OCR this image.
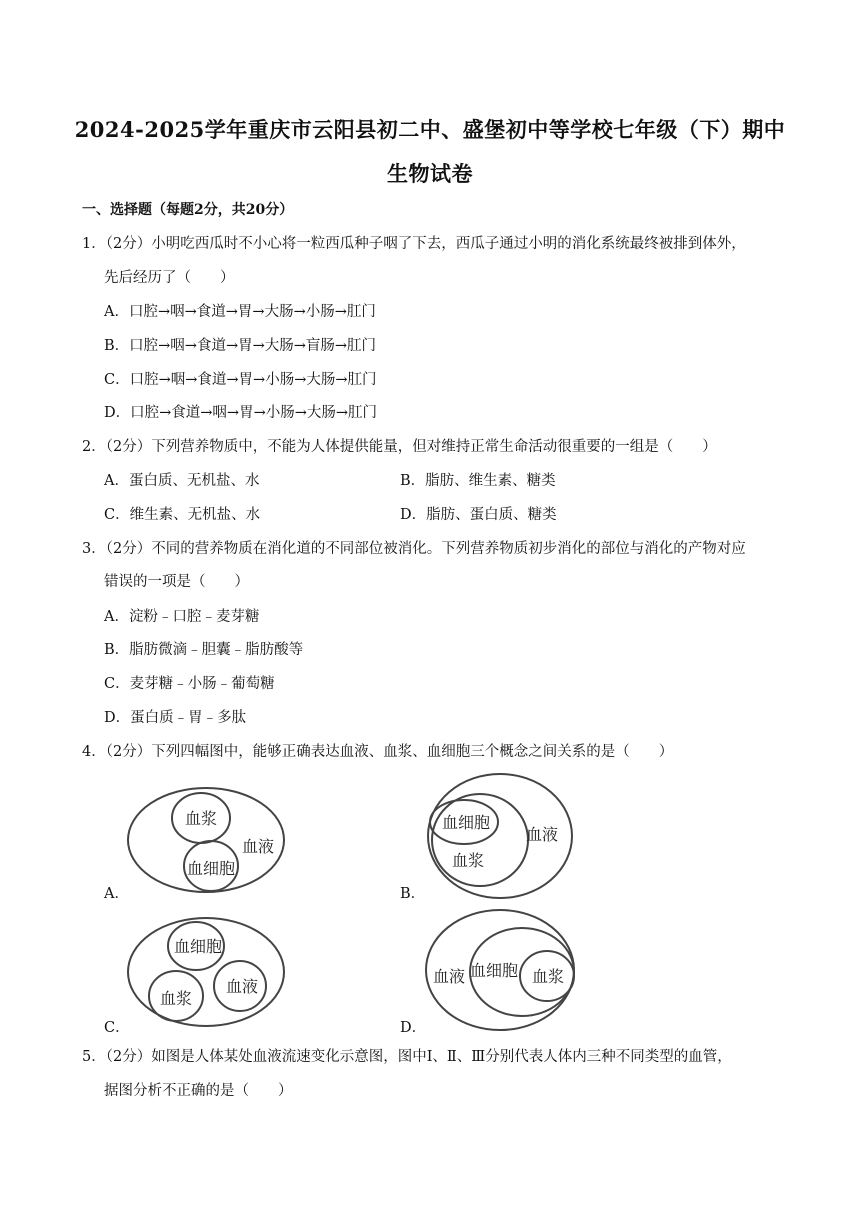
2024-2025学年重庆市云阳县初二中、盛堡初中等学校七年级（下）期中
生物试卷
一、选择题（每题2分，共20分）
1．（2分）小明吃西瓜时不小心将一粒西瓜种子咽了下去，西瓜子通过小明的消化系统最终被排到体外，
先后经历了（　　）
A．口腔→咽→食道→胃→大肠→小肠→肛门
B．口腔→咽→食道→胃→大肠→盲肠→肛门
C．口腔→咽→食道→胃→小肠→大肠→肛门
D．口腔→食道→咽→胃→小肠→大肠→肛门
2．（2分）下列营养物质中，不能为人体提供能量，但对维持正常生命活动很重要的一组是（　　）
A．蛋白质、无机盐、水	B．脂肪、维生素、糖类
C．维生素、无机盐、水	D．脂肪、蛋白质、糖类
3．（2分）不同的营养物质在消化道的不同部位被消化。下列营养物质初步消化的部位与消化的产物对应
错误的一项是（　　）
A．淀粉﹣口腔﹣麦芽糖
B．脂肪微滴﹣胆囊﹣脂肪酸等
C．麦芽糖﹣小肠﹣葡萄糖
D．蛋白质﹣胃﹣多肽
4．（2分）下列四幅图中，能够正确表达血液、血浆、血细胞三个概念之间关系的是（　　）
A．
血浆
血液
血细胞
B．
血细胞
血液
血浆
C．
血细胞
血浆
血液
D．
血液 血细胞 血浆
5．（2分）如图是人体某处血液流速变化示意图，图中Ⅰ、Ⅱ、Ⅲ分别代表人体内三种不同类型的血管，
据图分析不正确的是（　　）
